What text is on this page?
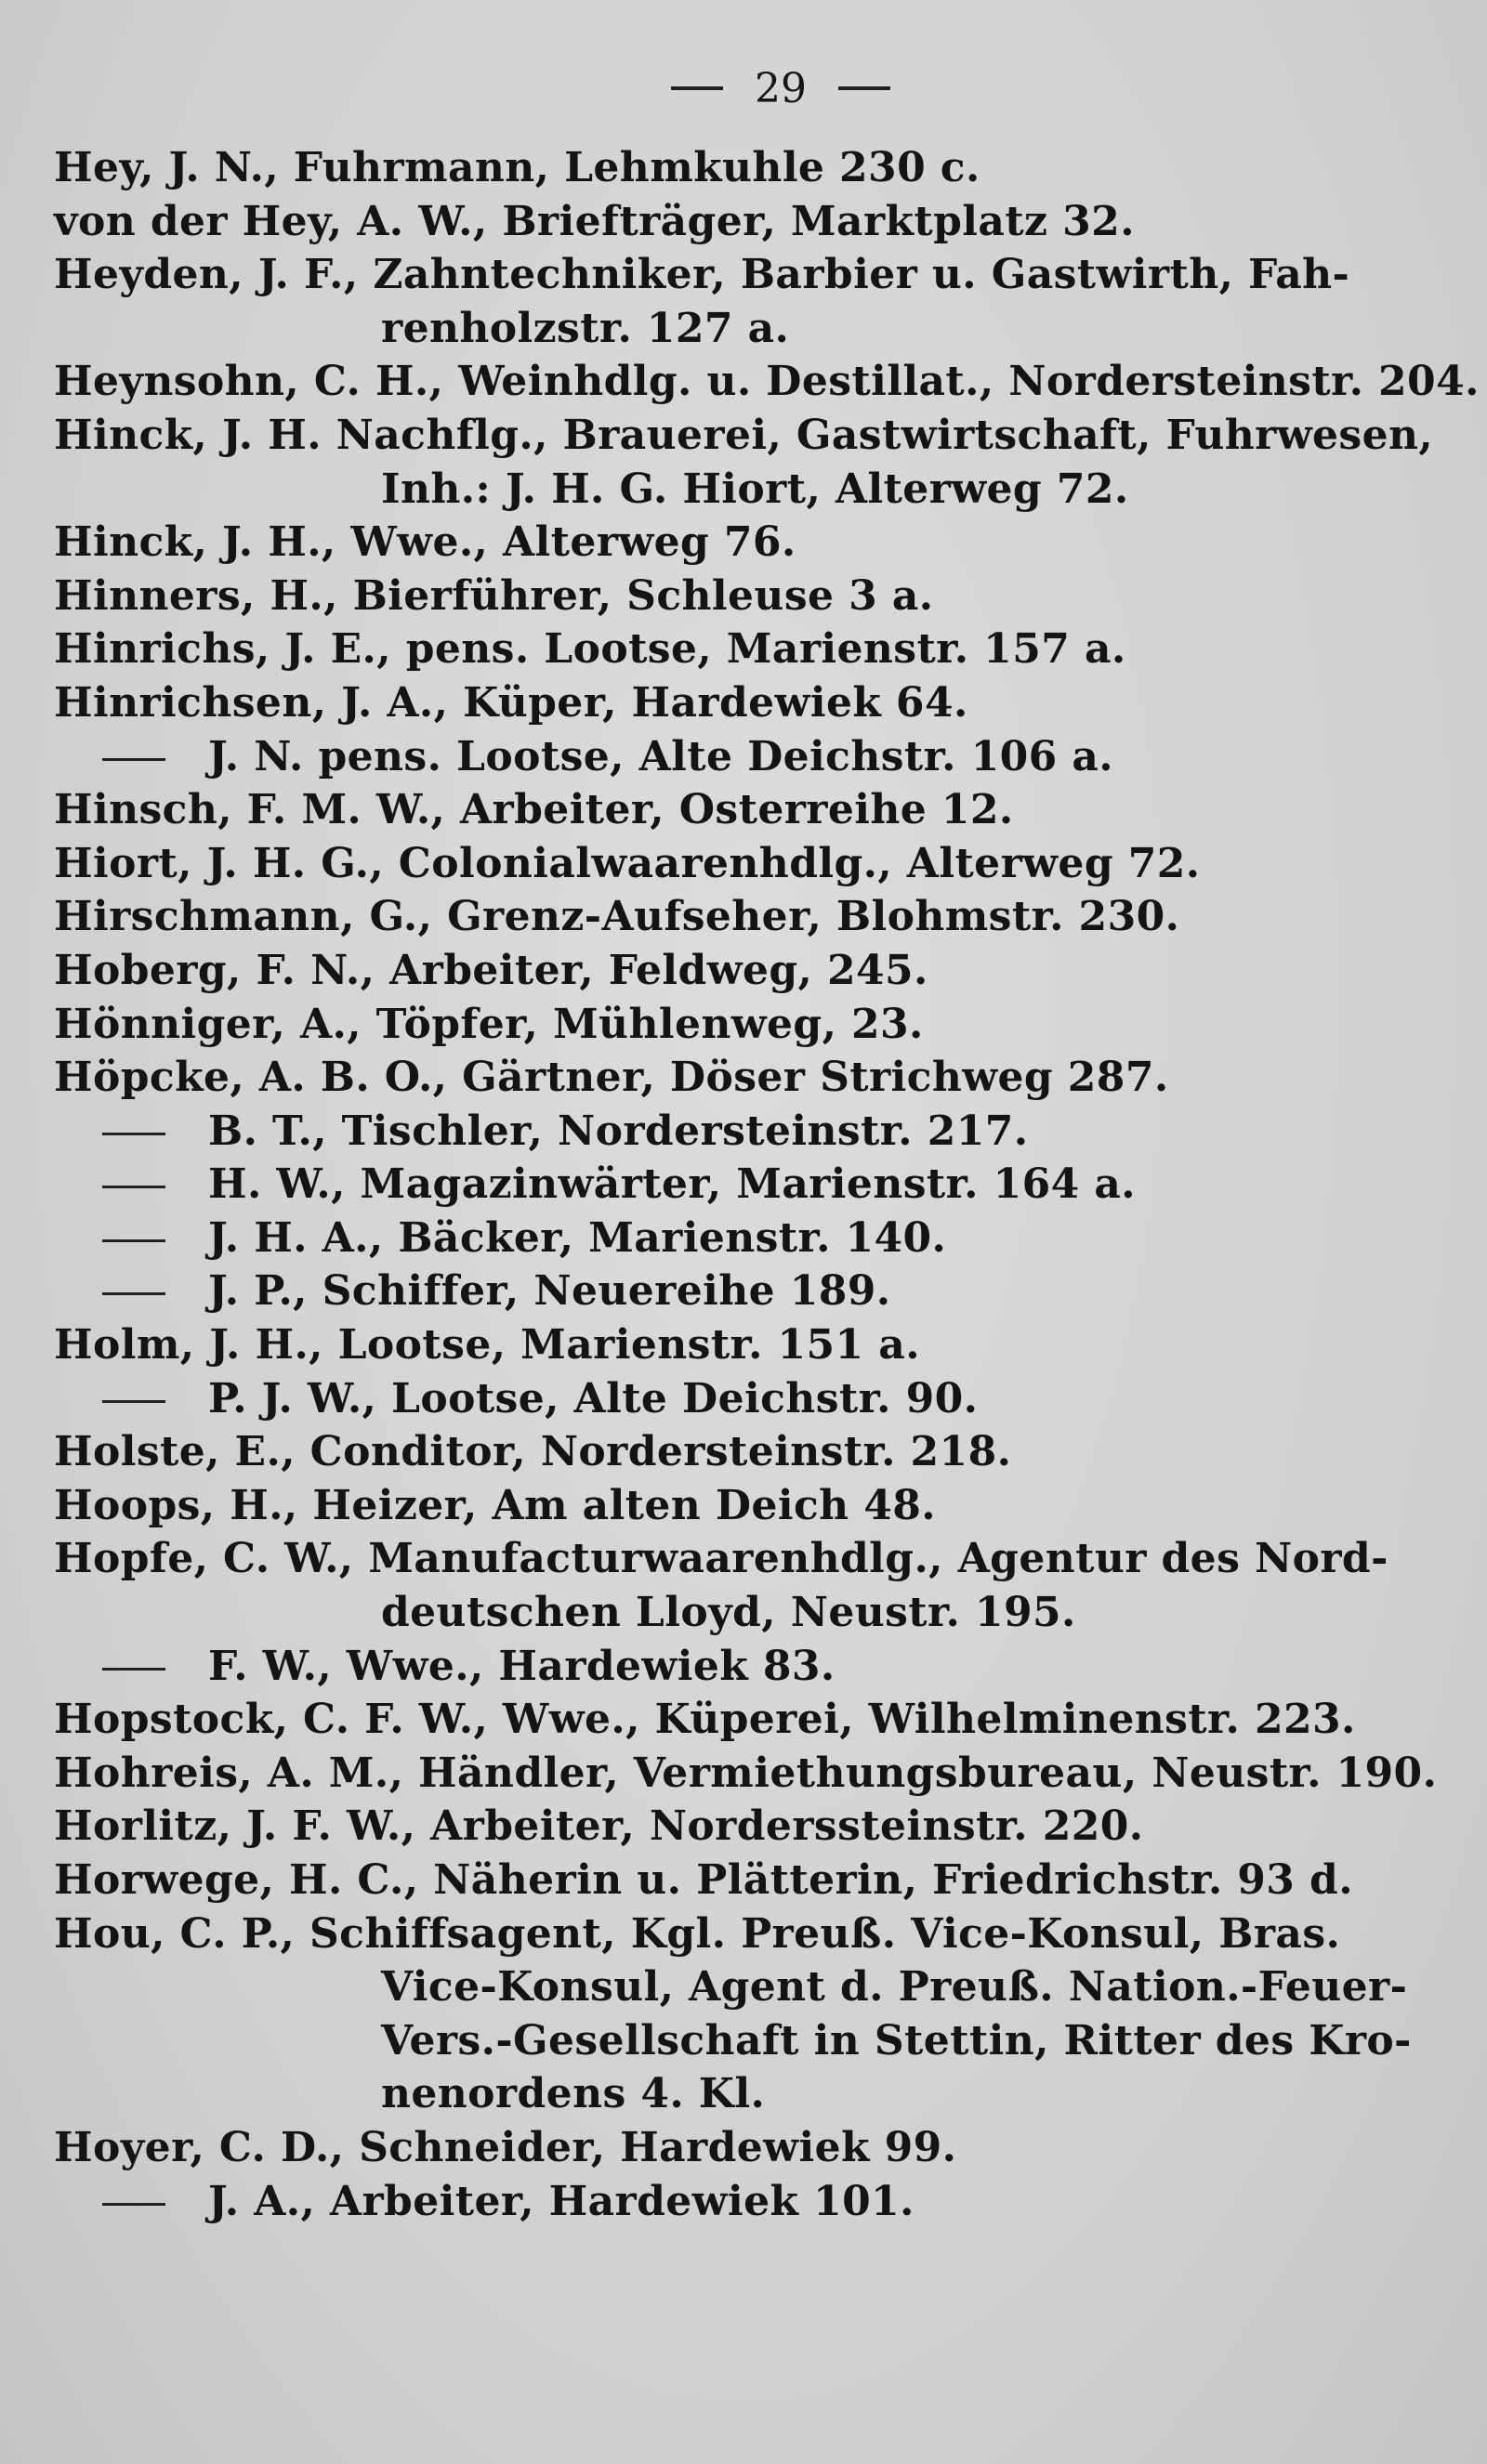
29
Hey, J. N., Fuhrmann, Lehmkuhle 230 c.
von der Hey, A. W., Briefträger, Marktplatz 32.
Heyden, J. F., Zahntechniker, Barbier u. Gastwirth, Fah-
renholzstr. 127 a.
Heynsohn, C. H., Weinhdlg. u. Destillat., Nordersteinstr. 204.
Hinck, J. H. Nachflg., Brauerei, Gastwirtschaft, Fuhrwesen,
Inh.: J. H. G. Hiort, Alterweg 72.
Hinck, J. H., Wwe., Alterweg 76.
Hinners, H., Bierführer, Schleuse 3 a.
Hinrichs, J. E., pens. Lootse, Marienstr. 157 a.
Hinrichsen, J. A., Küper, Hardewiek 64.
J. N. pens. Lootse, Alte Deichstr. 106 a.
Hinsch, F. M. W., Arbeiter, Osterreihe 12.
Hiort, J. H. G., Colonialwaarenhdlg., Alterweg 72.
Hirschmann, G., Grenz-Aufseher, Blohmstr. 230.
Hoberg, F. N., Arbeiter, Feldweg, 245.
Hönniger, A., Töpfer, Mühlenweg, 23.
Höpcke, A. B. O., Gärtner, Döser Strichweg 287.
B. T., Tischler, Nordersteinstr. 217.
H. W., Magazinwärter, Marienstr. 164 a.
J. H. A., Bäcker, Marienstr. 140.
J. P., Schiffer, Neuereihe 189.
Holm, J. H., Lootse, Marienstr. 151 a.
P. J. W., Lootse, Alte Deichstr. 90.
Holste, E., Conditor, Nordersteinstr. 218.
Hoops, H., Heizer, Am alten Deich 48.
Hopfe, C. W., Manufacturwaarenhdlg., Agentur des Nord-
deutschen Lloyd, Neustr. 195.
F. W., Wwe., Hardewiek 83.
Hopstock, C. F. W., Wwe., Küperei, Wilhelminenstr. 223.
Hohreis, A. M., Händler, Vermiethungsbureau, Neustr. 190.
Horlitz, J. F. W., Arbeiter, Norderssteinstr. 220.
Horwege, H. C., Näherin u. Plätterin, Friedrichstr. 93 d.
Hou, C. P., Schiffsagent, Kgl. Preuß. Vice-Konsul, Bras.
Vice-Konsul, Agent d. Preuß. Nation.-Feuer-
Vers.-Gesellschaft in Stettin, Ritter des Kro-
nenordens 4. Kl.
Hoyer, C. D., Schneider, Hardewiek 99.
J. A., Arbeiter, Hardewiek 101.
